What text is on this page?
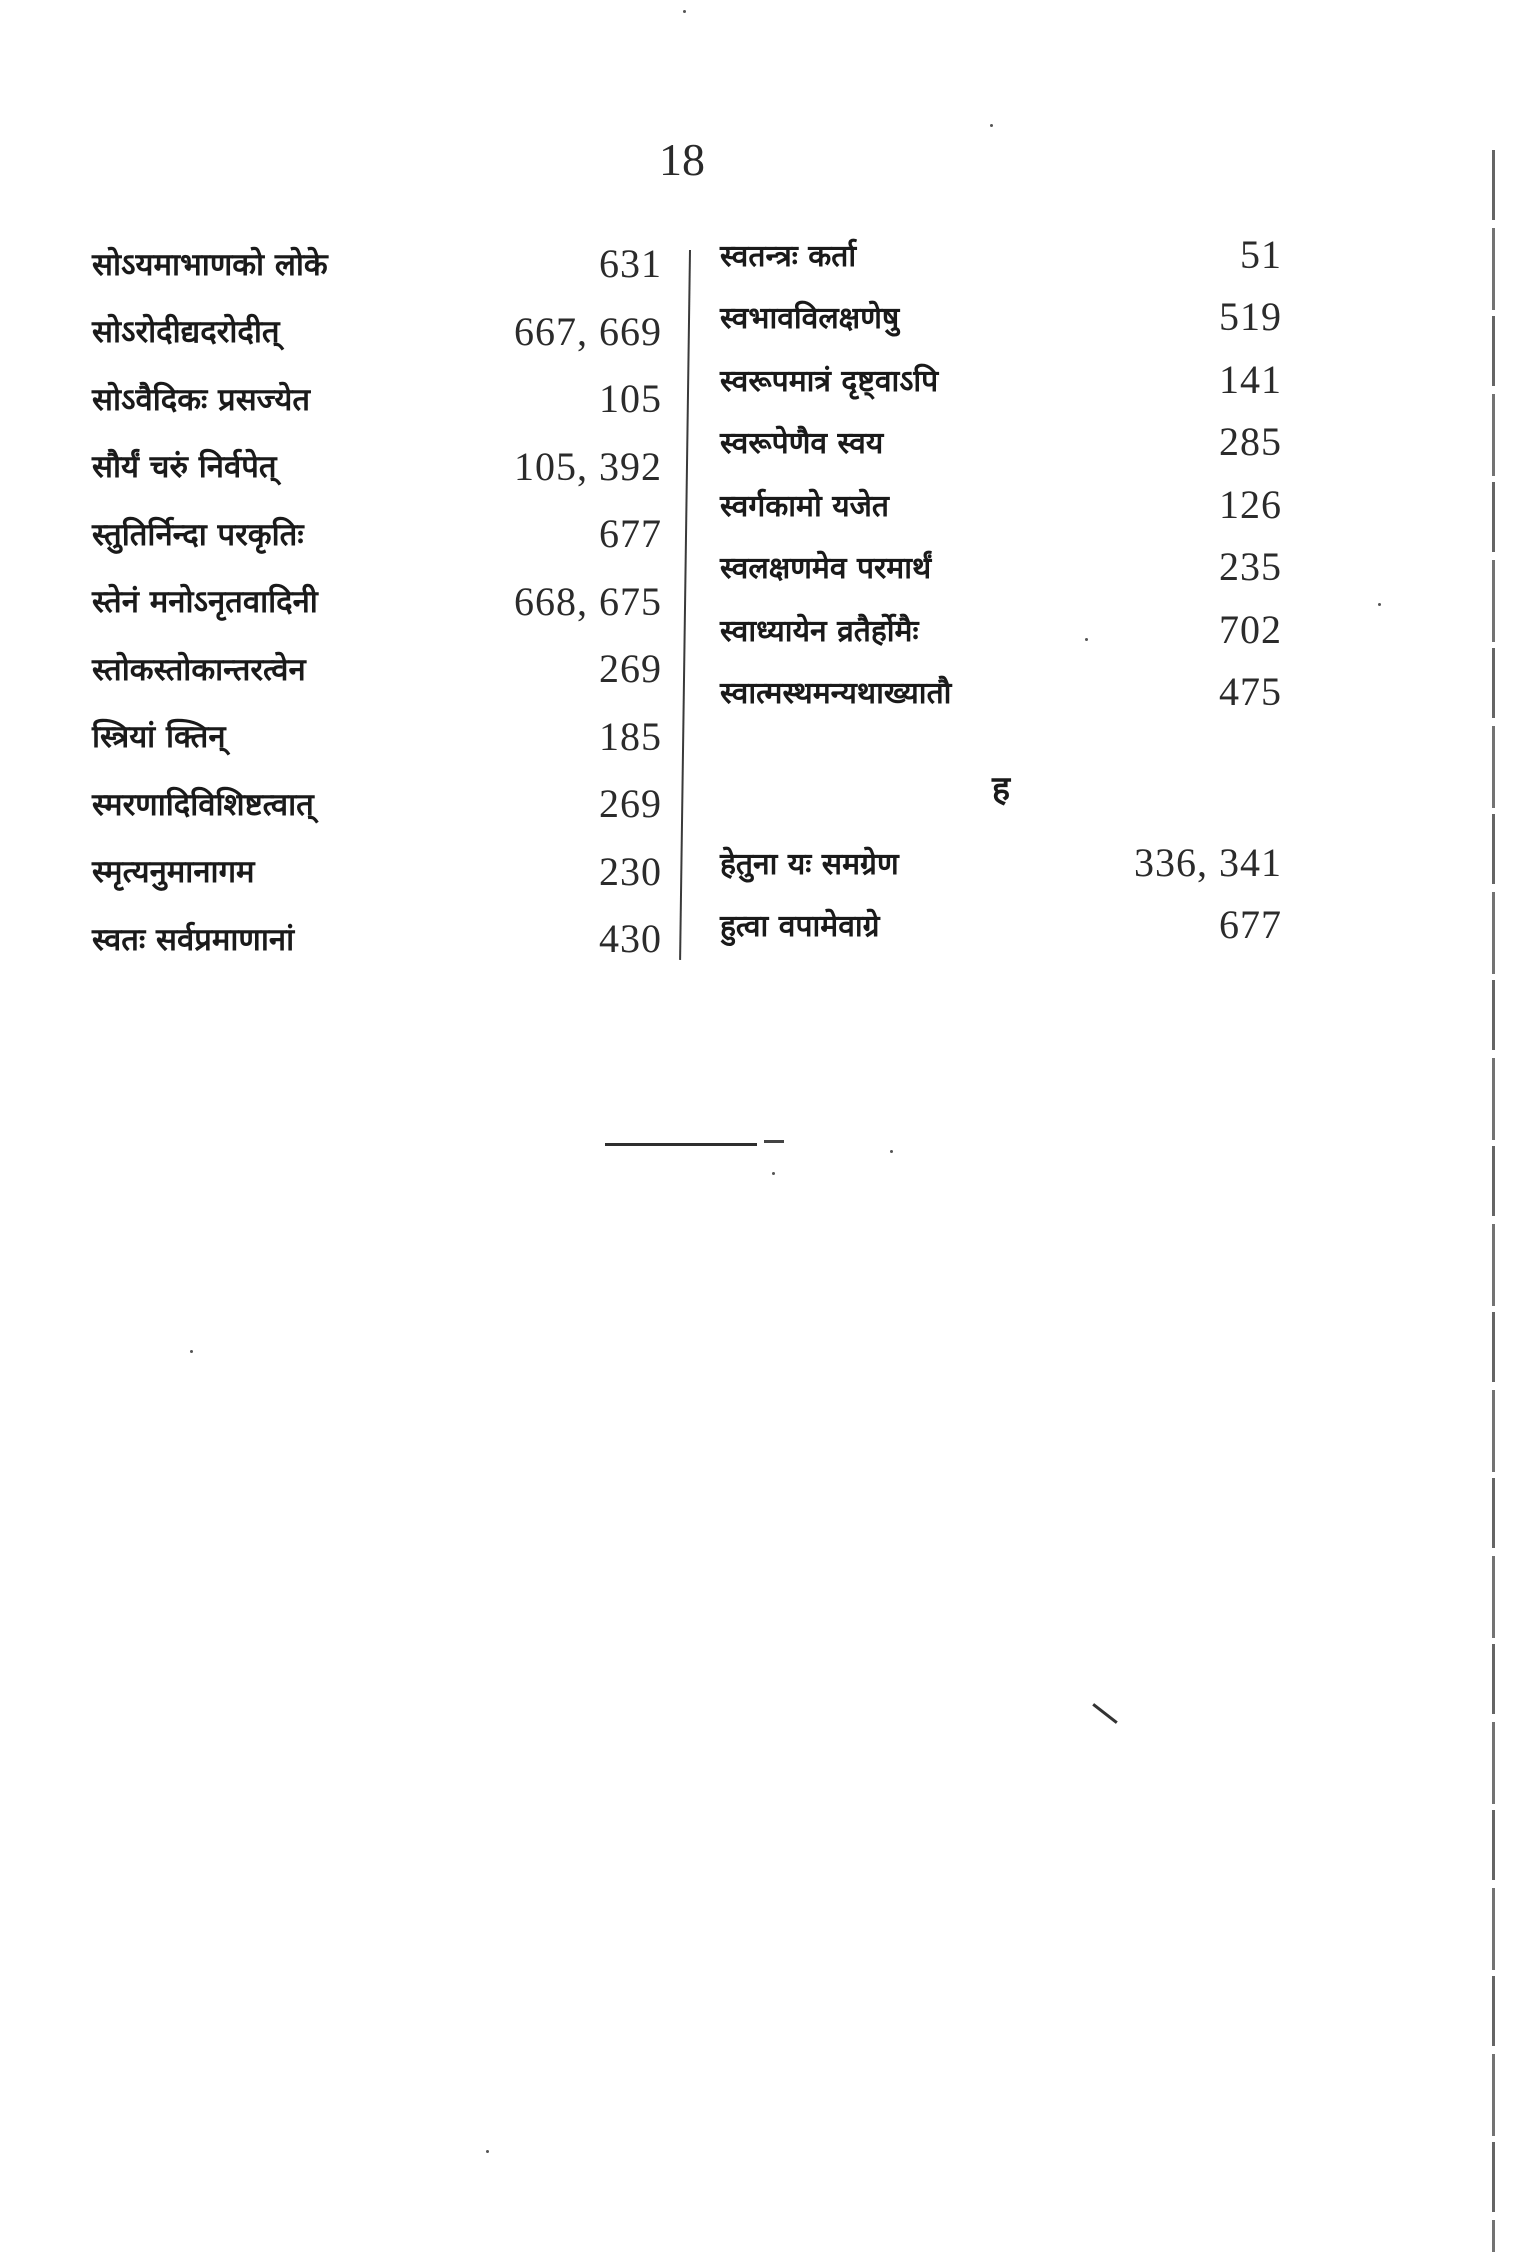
18
सोऽयमाभाणको लोके	631
सोऽरोदीद्यदरोदीत्	667, 669
सोऽवैदिकः प्रसज्येत	105
सौर्यं चरुं निर्वपेत्	105, 392
स्तुतिर्निन्दा परकृतिः	677
स्तेनं मनोऽनृतवादिनी	668, 675
स्तोकस्तोकान्तरत्वेन	269
स्त्रियां क्तिन्	185
स्मरणादिविशिष्टत्वात्	269
स्मृत्यनुमानागम	230
स्वतः सर्वप्रमाणानां	430
स्वतन्त्रः कर्ता	51
स्वभावविलक्षणेषु	519
स्वरूपमात्रं दृष्ट्वाऽपि	141
स्वरूपेणैव स्वय	285
स्वर्गकामो यजेत	126
स्वलक्षणमेव परमार्थं	235
स्वाध्यायेन व्रतैर्होमैः	702
स्वात्मस्थमन्यथाख्यातौ	475
ह
हेतुना यः समग्रेण	336, 341
हुत्वा वपामेवाग्रे	677
